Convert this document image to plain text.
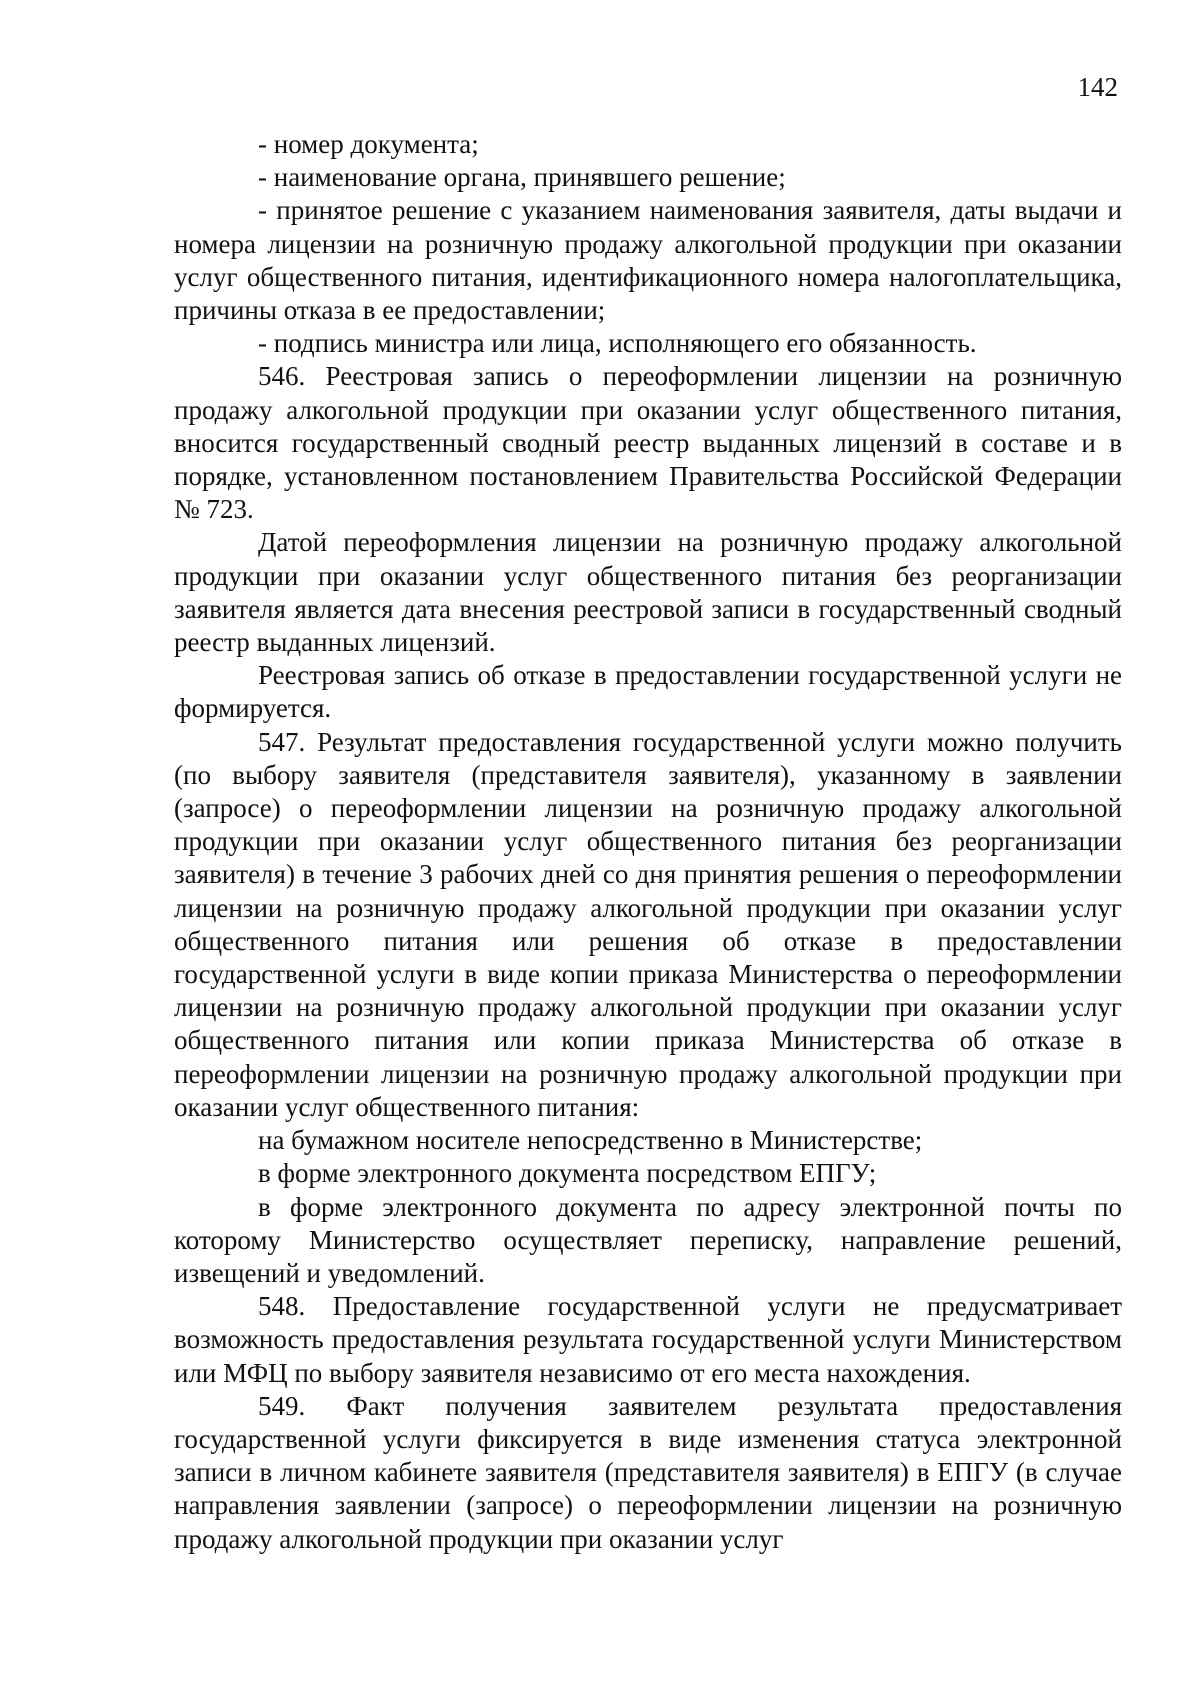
142

- номер документа;

- наименование органа, принявшего решение;

- принятое решение с указанием наименования заявителя, даты выдачи и номера лицензии на розничную продажу алкогольной продукции при оказании услуг общественного питания, идентификационного номера налогоплательщика, причины отказа в ее предоставлении;

- подпись министра или лица, исполняющего его обязанность.

546. Реестровая запись о переоформлении лицензии на розничную продажу алкогольной продукции при оказании услуг общественного питания, вносится государственный сводный реестр выданных лицензий в составе и в порядке, установленном постановлением Правительства Российской Федерации № 723.

Датой переоформления лицензии на розничную продажу алкогольной продукции при оказании услуг общественного питания без реорганизации заявителя является дата внесения реестровой записи в государственный сводный реестр выданных лицензий.

Реестровая запись об отказе в предоставлении государственной услуги не формируется.

547. Результат предоставления государственной услуги можно получить (по выбору заявителя (представителя заявителя), указанному в заявлении (запросе) о переоформлении лицензии на розничную продажу алкогольной продукции при оказании услуг общественного питания без реорганизации заявителя) в течение 3 рабочих дней со дня принятия решения о переоформлении лицензии на розничную продажу алкогольной продукции при оказании услуг общественного питания или решения об отказе в предоставлении государственной услуги в виде копии приказа Министерства о переоформлении лицензии на розничную продажу алкогольной продукции при оказании услуг общественного питания или копии приказа Министерства об отказе в переоформлении лицензии на розничную продажу алкогольной продукции при оказании услуг общественного питания:

на бумажном носителе непосредственно в Министерстве;

в форме электронного документа посредством ЕПГУ;

в форме электронного документа по адресу электронной почты по которому Министерство осуществляет переписку, направление решений, извещений и уведомлений.

548. Предоставление государственной услуги не предусматривает возможность предоставления результата государственной услуги Министерством или МФЦ по выбору заявителя независимо от его места нахождения.

549. Факт получения заявителем результата предоставления государственной услуги фиксируется в виде изменения статуса электронной записи в личном кабинете заявителя (представителя заявителя) в ЕПГУ (в случае направления заявлении (запросе) о переоформлении лицензии на розничную продажу алкогольной продукции при оказании услуг
